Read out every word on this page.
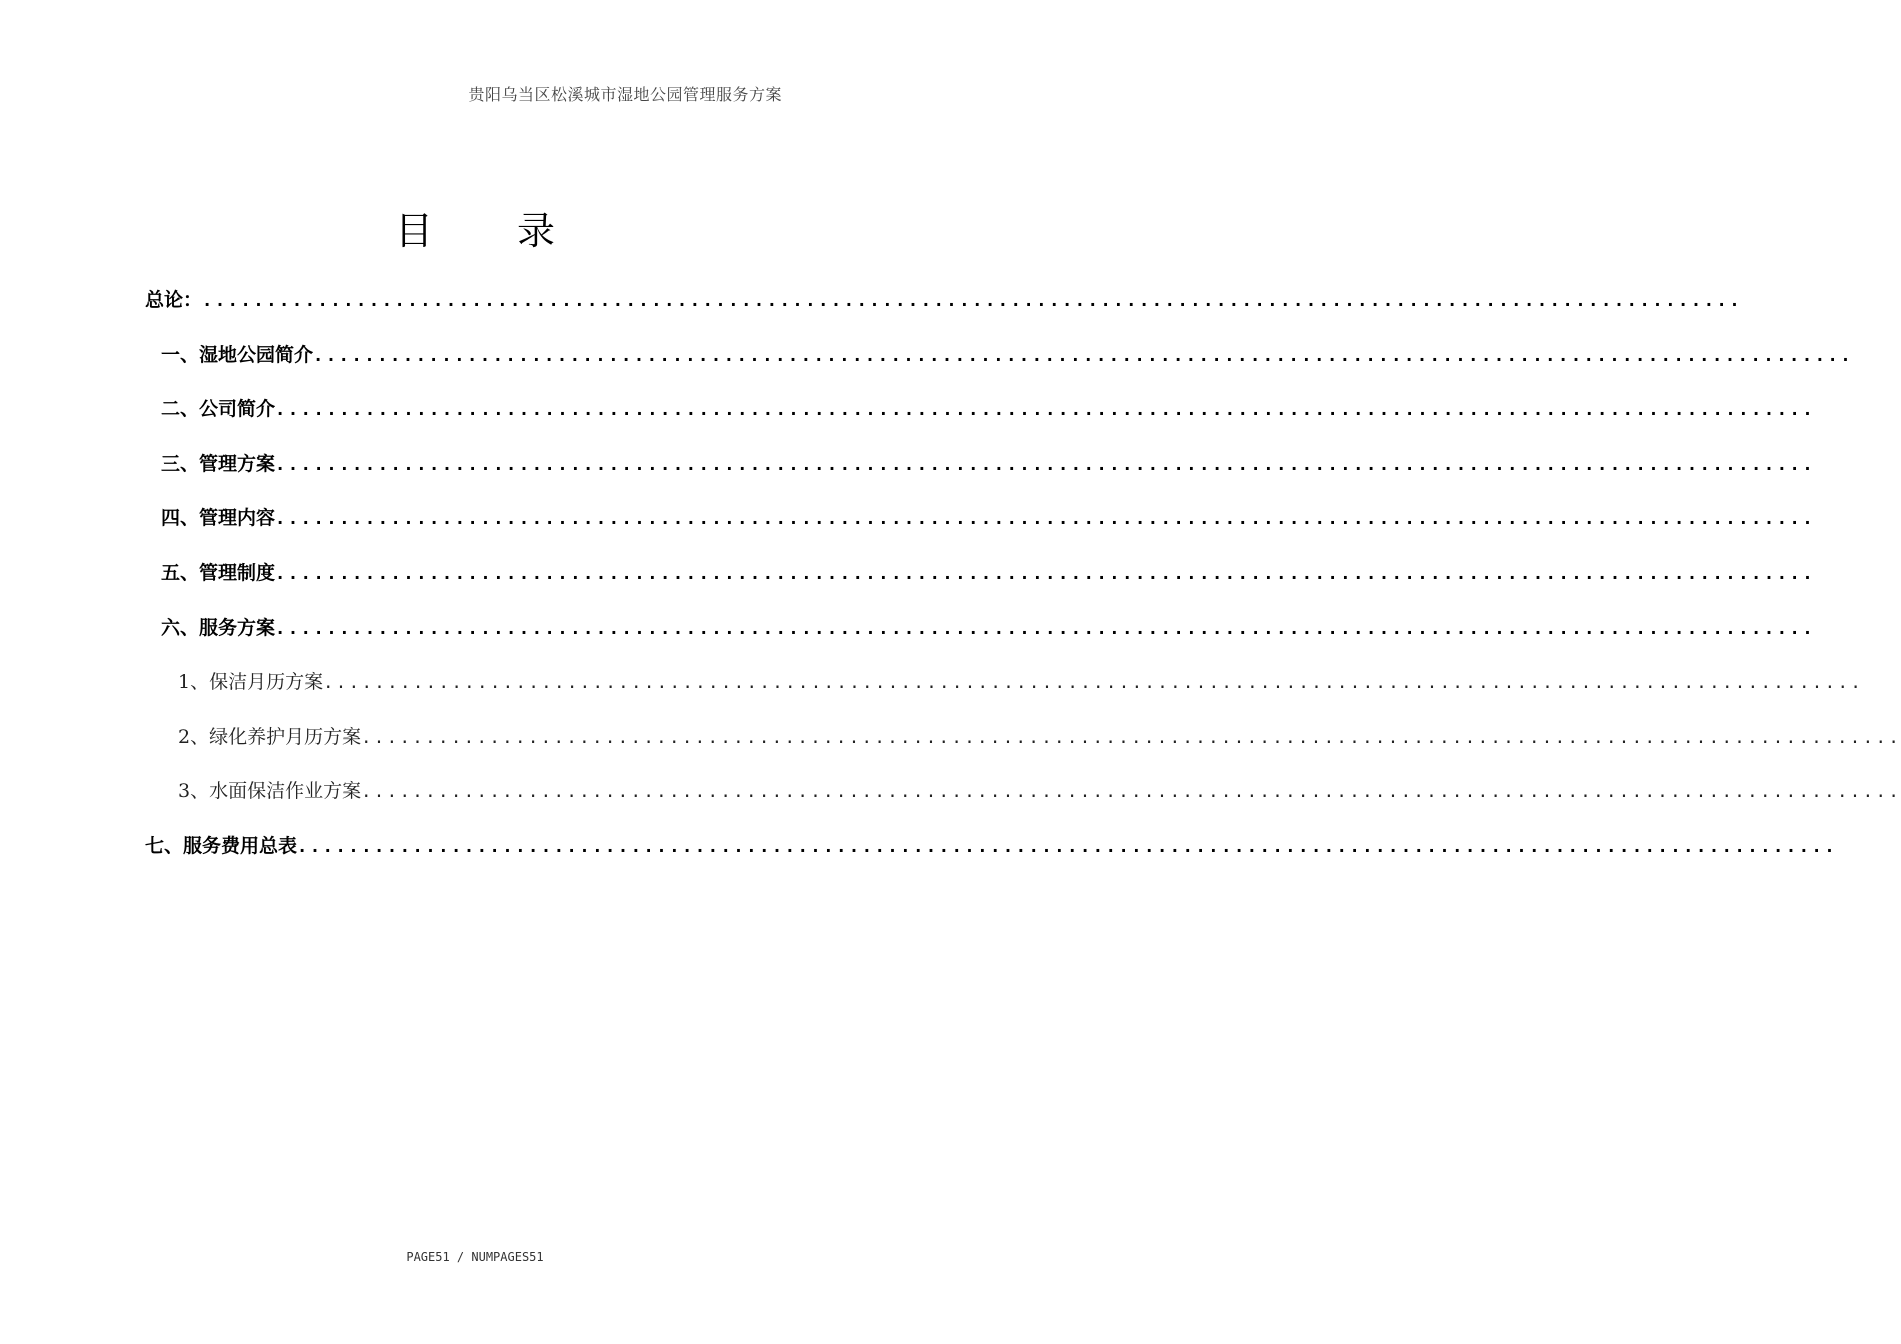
贵阳乌当区松溪城市湿地公园管理服务方案
目 录
总论： ........................................................................................................................
一、湿地公园简介 ........................................................................................................................
二、公司简介 ........................................................................................................................
三、管理方案 ........................................................................................................................
四、管理内容 ........................................................................................................................
五、管理制度 ........................................................................................................................
六、服务方案 ........................................................................................................................
1、保洁月历方案 ........................................................................................................................
2、绿化养护月历方案 ........................................................................................................................
3、水面保洁作业方案 ........................................................................................................................
七、服务费用总表 ........................................................................................................................
PAGE51 / NUMPAGES51
